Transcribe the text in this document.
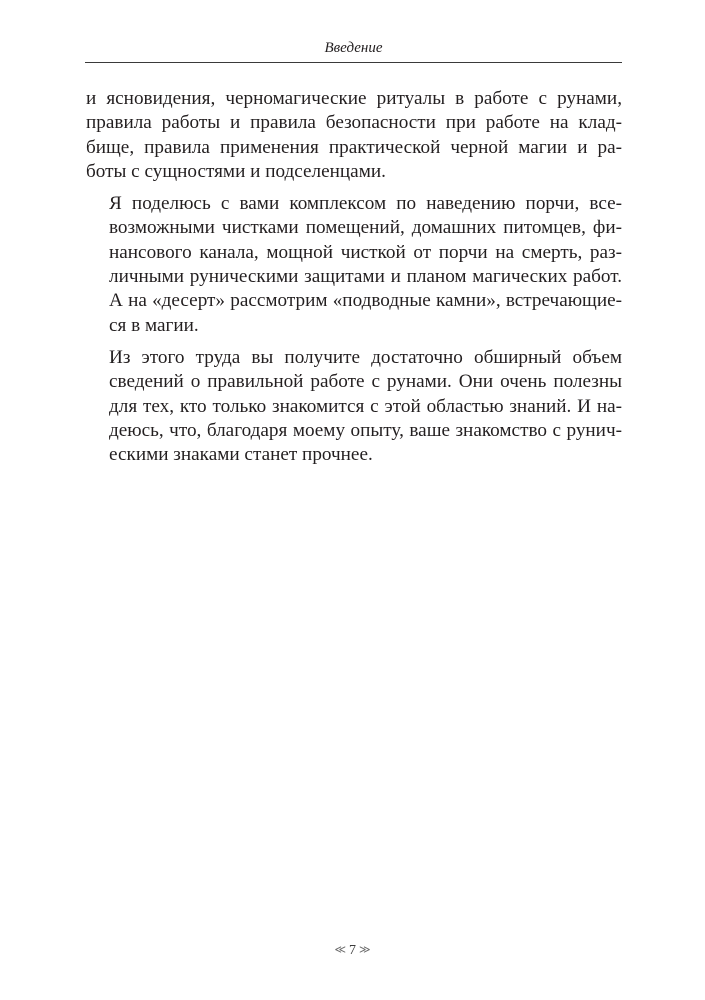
Введение

и ясновидения, черномагические ритуалы в работе с рунами,
правила работы и правила безопасности при работе на клад-
бище, правила применения практической черной магии и ра-
боты с сущностями и подселенцами.

Я поделюсь с вами комплексом по наведению порчи, все-
возможными чистками помещений, домашних питомцев, фи-
нансового канала, мощной чисткой от порчи на смерть, раз-
личными руническими защитами и планом магических работ.
А на «десерт» рассмотрим «подводные камни», встречающие-
ся в магии.

Из этого труда вы получите достаточно обширный объем
сведений о правильной работе с рунами. Они очень полезны
для тех, кто только знакомится с этой областью знаний. И на-
деюсь, что, благодаря моему опыту, ваше знакомство с рунич-
ескими знаками станет прочнее.

≪ 7 ≫
